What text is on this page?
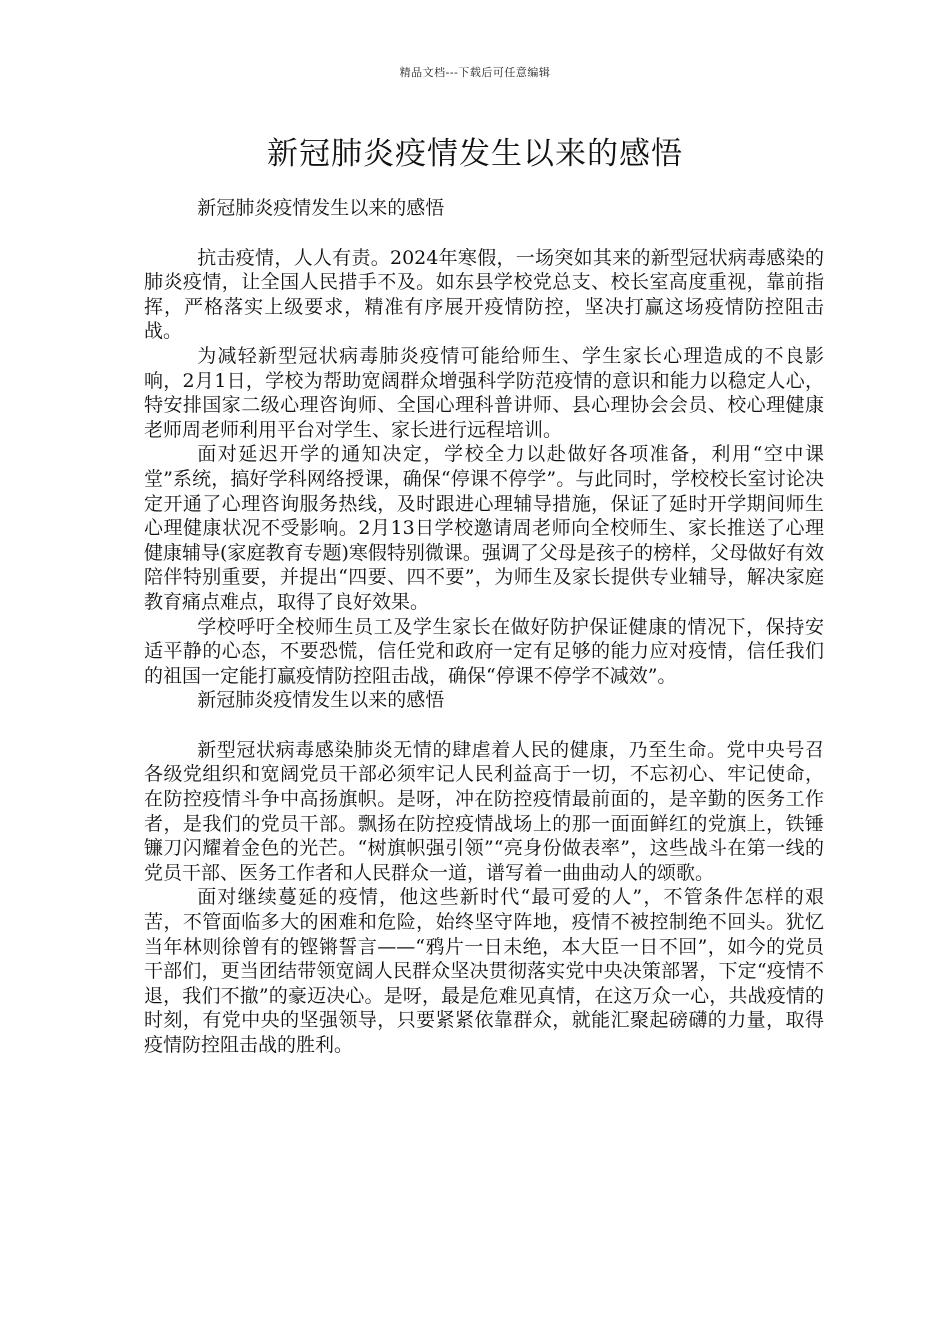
精品文档---下载后可任意编辑
新冠肺炎疫情发生以来的感悟

新冠肺炎疫情发生以来的感悟

抗击疫情，人人有责。2024年寒假，一场突如其来的新型冠状病毒感染的肺炎疫情，让全国人民措手不及。如东县学校党总支、校长室高度重视，靠前指挥，严格落实上级要求，精准有序展开疫情防控，坚决打赢这场疫情防控阻击战。

为减轻新型冠状病毒肺炎疫情可能给师生、学生家长心理造成的不良影响，2月1日，学校为帮助宽阔群众增强科学防范疫情的意识和能力以稳定人心，特安排国家二级心理咨询师、全国心理科普讲师、县心理协会会员、校心理健康老师周老师利用平台对学生、家长进行远程培训。

面对延迟开学的通知决定，学校全力以赴做好各项准备，利用“空中课堂”系统，搞好学科网络授课，确保“停课不停学”。与此同时，学校校长室讨论决定开通了心理咨询服务热线，及时跟进心理辅导措施，保证了延时开学期间师生心理健康状况不受影响。2月13日学校邀请周老师向全校师生、家长推送了心理健康辅导(家庭教育专题)寒假特别微课。强调了父母是孩子的榜样，父母做好有效陪伴特别重要，并提出“四要、四不要”，为师生及家长提供专业辅导，解决家庭教育痛点难点，取得了良好效果。

学校呼吁全校师生员工及学生家长在做好防护保证健康的情况下，保持安适平静的心态，不要恐慌，信任党和政府一定有足够的能力应对疫情，信任我们的祖国一定能打赢疫情防控阻击战，确保“停课不停学不减效”。

新冠肺炎疫情发生以来的感悟

新型冠状病毒感染肺炎无情的肆虐着人民的健康，乃至生命。党中央号召各级党组织和宽阔党员干部必须牢记人民利益高于一切，不忘初心、牢记使命，在防控疫情斗争中高扬旗帜。是呀，冲在防控疫情最前面的，是辛勤的医务工作者，是我们的党员干部。飘扬在防控疫情战场上的那一面面鲜红的党旗上，铁锤镰刀闪耀着金色的光芒。“树旗帜强引领”“亮身份做表率”，这些战斗在第一线的党员干部、医务工作者和人民群众一道，谱写着一曲曲动人的颂歌。

面对继续蔓延的疫情，他这些新时代“最可爱的人”，不管条件怎样的艰苦，不管面临多大的困难和危险，始终坚守阵地，疫情不被控制绝不回头。犹忆当年林则徐曾有的铿锵誓言——“鸦片一日未绝，本大臣一日不回”，如今的党员干部们，更当团结带领宽阔人民群众坚决贯彻落实党中央决策部署，下定“疫情不退，我们不撤”的豪迈决心。是呀，最是危难见真情，在这万众一心，共战疫情的时刻，有党中央的坚强领导，只要紧紧依靠群众，就能汇聚起磅礴的力量，取得疫情防控阻击战的胜利。
